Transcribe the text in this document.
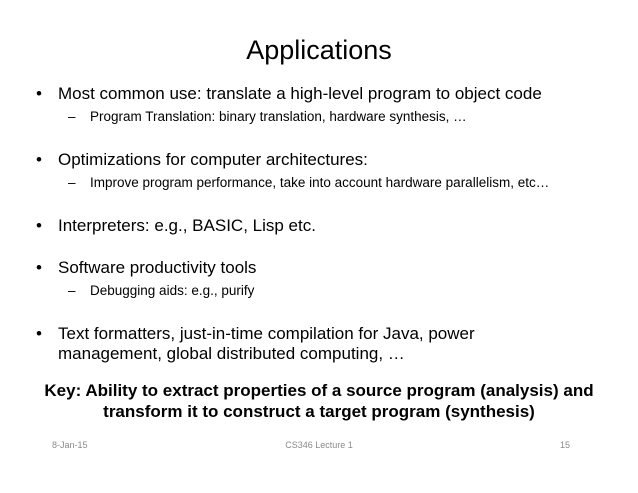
Applications
• Most common use: translate a high-level program to object code
– Program Translation: binary translation, hardware synthesis, …
• Optimizations for computer architectures:
– Improve program performance, take into account hardware parallelism, etc…
• Interpreters: e.g., BASIC, Lisp etc.
• Software productivity tools
– Debugging aids: e.g., purify
• Text formatters, just-in-time compilation for Java, power
management, global distributed computing, …
Key: Ability to extract properties of a source program (analysis) and
transform it to construct a target program (synthesis)
8-Jan-15	CS346 Lecture 1	15
